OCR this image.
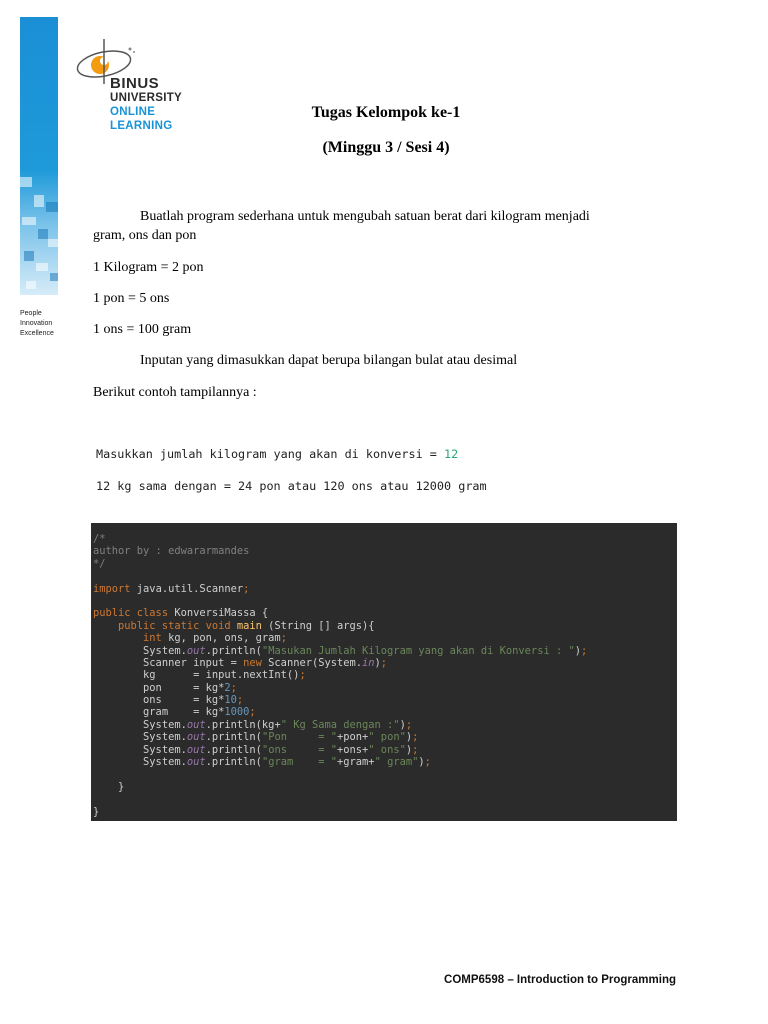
People
Innovation
Excellence
BINUS
UNIVERSITY
ONLINE
LEARNING
Tugas Kelompok ke-1
(Minggu 3 / Sesi 4)
Buatlah program sederhana untuk mengubah satuan berat dari kilogram menjadi
gram, ons dan pon
1 Kilogram = 2 pon
1 pon = 5 ons
1 ons = 100 gram
Inputan yang dimasukkan dapat berupa bilangan bulat atau desimal
Berikut contoh tampilannya :
Masukkan jumlah kilogram yang akan di konversi = 12
12 kg sama dengan = 24 pon atau 120 ons atau 12000 gram
/*
author by : edwararmandes
*/
import java.util.Scanner;
public class KonversiMassa {
public static void main (String [] args){
int kg, pon, ons, gram;
System.out.println("Masukan Jumlah Kilogram yang akan di Konversi : ");
Scanner input = new Scanner(System.in);
kg      = input.nextInt();
pon     = kg*2;
ons     = kg*10;
gram    = kg*1000;
System.out.println(kg+" Kg Sama dengan :");
System.out.println("Pon     = "+pon+" pon");
System.out.println("ons     = "+ons+" ons");
System.out.println("gram    = "+gram+" gram");
}
}
COMP6598 – Introduction to Programming
